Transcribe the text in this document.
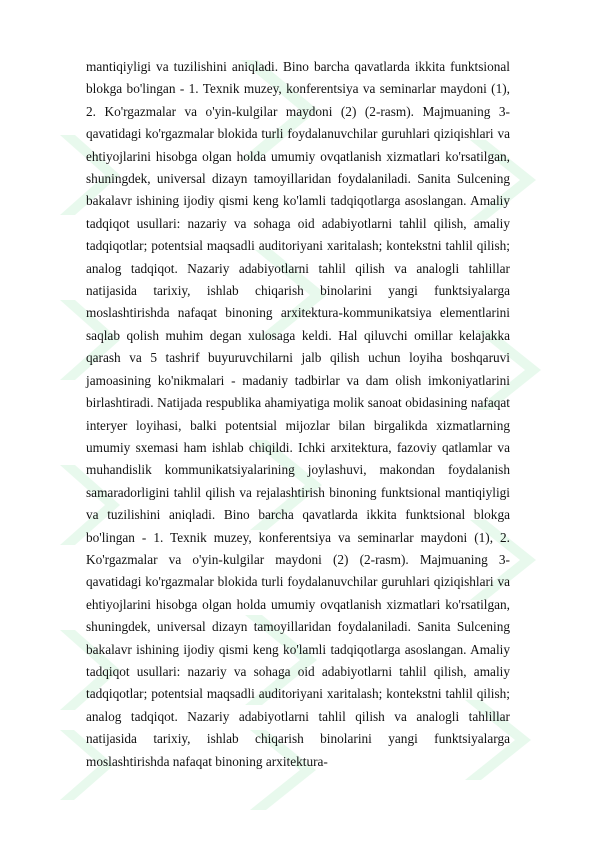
mantiqiyligi va tuzilishini aniqladi. Bino barcha qavatlarda ikkita funktsional blokga bo'lingan - 1. Texnik muzey, konferentsiya va seminarlar maydoni (1), 2. Ko'rgazmalar va o'yin-kulgilar maydoni (2) (2-rasm). Majmuaning 3-qavatidagi ko'rgazmalar blokida turli foydalanuvchilar guruhlari qiziqishlari va ehtiyojlarini hisobga olgan holda umumiy ovqatlanish xizmatlari ko'rsatilgan, shuningdek, universal dizayn tamoyillaridan foydalaniladi. Sanita Sulcening bakalavr ishining ijodiy qismi keng ko'lamli tadqiqotlarga asoslangan. Amaliy tadqiqot usullari: nazariy va sohaga oid adabiyotlarni tahlil qilish, amaliy tadqiqotlar; potentsial maqsadli auditoriyani xaritalash; kontekstni tahlil qilish; analog tadqiqot. Nazariy adabiyotlarni tahlil qilish va analogli tahlillar natijasida tarixiy, ishlab chiqarish binolarini yangi funktsiyalarga moslashtirishda nafaqat binoning arxitektura-kommunikatsiya elementlarini saqlab qolish muhim degan xulosaga keldi. Hal qiluvchi omillar kelajakka qarash va 5 tashrif buyuruvchilarni jalb qilish uchun loyiha boshqaruvi jamoasining ko'nikmalari - madaniy tadbirlar va dam olish imkoniyatlarini birlashtiradi. Natijada respublika ahamiyatiga molik sanoat obidasining nafaqat interyer loyihasi, balki potentsial mijozlar bilan birgalikda xizmatlarning umumiy sxemasi ham ishlab chiqildi. Ichki arxitektura, fazoviy qatlamlar va muhandislik kommunikatsiyalarining joylashuvi, makondan foydalanish samaradorligini tahlil qilish va rejalashtirish binoning funktsional mantiqiyligi va tuzilishini aniqladi. Bino barcha qavatlarda ikkita funktsional blokga bo'lingan - 1. Texnik muzey, konferentsiya va seminarlar maydoni (1), 2. Ko'rgazmalar va o'yin-kulgilar maydoni (2) (2-rasm). Majmuaning 3-qavatidagi ko'rgazmalar blokida turli foydalanuvchilar guruhlari qiziqishlari va ehtiyojlarini hisobga olgan holda umumiy ovqatlanish xizmatlari ko'rsatilgan, shuningdek, universal dizayn tamoyillaridan foydalaniladi. Sanita Sulcening bakalavr ishining ijodiy qismi keng ko'lamli tadqiqotlarga asoslangan. Amaliy tadqiqot usullari: nazariy va sohaga oid adabiyotlarni tahlil qilish, amaliy tadqiqotlar; potentsial maqsadli auditoriyani xaritalash; kontekstni tahlil qilish; analog tadqiqot. Nazariy adabiyotlarni tahlil qilish va analogli tahlillar natijasida tarixiy, ishlab chiqarish binolarini yangi funktsiyalarga moslashtirishda nafaqat binoning arxitektura-
